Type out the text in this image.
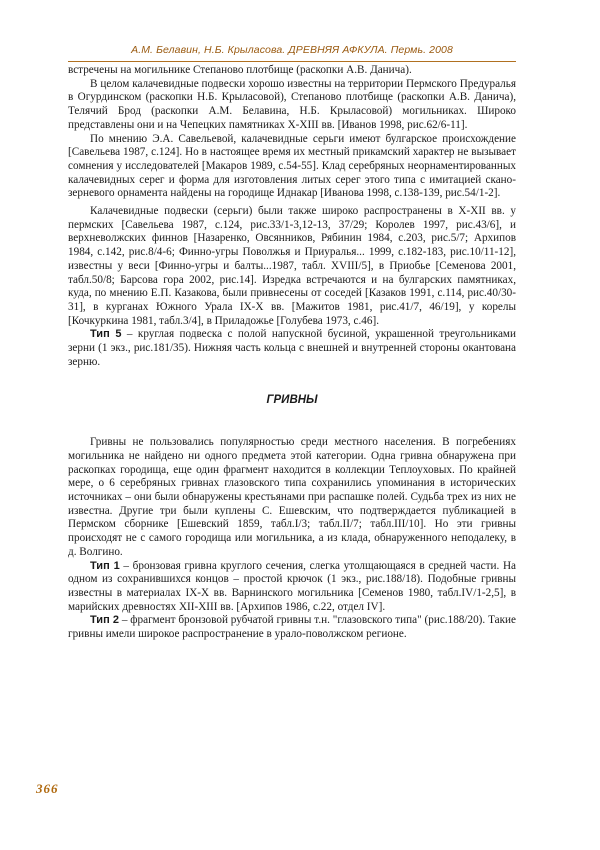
А.М. Белавин, Н.Б. Крыласова. ДРЕВНЯЯ АФКУЛА. Пермь. 2008

встречены на могильнике Степаново плотбище (раскопки А.В. Данича).

В целом калачевидные подвески хорошо известны на территории Пермского Предуралья в Огурдинском (раскопки Н.Б. Крыласовой), Степаново плотбище (раскопки А.В. Данича), Телячий Брод (раскопки А.М. Белавина, Н.Б. Крыласовой) могильниках. Широко представлены они и на Чепецких памятниках X-XIII вв. [Иванов 1998, рис.62/6-11].

По мнению Э.А. Савельевой, калачевидные серьги имеют булгарское происхождение [Савельева 1987, с.124]. Но в настоящее время их местный прикамский характер не вызывает сомнения у исследователей [Макаров 1989, с.54-55]. Клад серебряных неорнаментированных калачевидных серег и форма для изготовления литых серег этого типа с имитацией скано-зерневого орнамента найдены на городище Иднакар [Иванова 1998, с.138-139, рис.54/1-2].

Калачевидные подвески (серьги) были также широко распространены в X-XII вв. у пермских [Савельева 1987, с.124, рис.33/1-3,12-13, 37/29; Королев 1997, рис.43/6], и верхневолжских финнов [Назаренко, Овсянников, Рябинин 1984, с.203, рис.5/7; Архипов 1984, с.142, рис.8/4-6; Финно-угры Поволжья и Приуралья... 1999, с.182-183, рис.10/11-12], известны у веси [Финно-угры и балты...1987, табл. XVIII/5], в Приобье [Семенова 2001, табл.50/8; Барсова гора 2002, рис.14]. Изредка встречаются и на булгарских памятниках, куда, по мнению Е.П. Казакова, были привнесены от соседей [Казаков 1991, с.114, рис.40/30-31], в курганах Южного Урала IX-X вв. [Мажитов 1981, рис.41/7, 46/19], у корелы [Кочкуркина 1981, табл.3/4], в Приладожье [Голубева 1973, с.46].

Тип 5 – круглая подвеска с полой напускной бусиной, украшенной треугольниками зерни (1 экз., рис.181/35). Нижняя часть кольца с внешней и внутренней стороны окантована зерню.

ГРИВНЫ

Гривны не пользовались популярностью среди местного населения. В погребениях могильника не найдено ни одного предмета этой категории. Одна гривна обнаружена при раскопках городища, еще один фрагмент находится в коллекции Теплоуховых. По крайней мере, о 6 серебряных гривнах глазовского типа сохранились упоминания в исторических источниках – они были обнаружены крестьянами при распашке полей. Судьба трех из них не известна. Другие три были куплены С. Ешевским, что подтверждается публикацией в Пермском сборнике [Ешевский 1859, табл.I/3; табл.II/7; табл.III/10]. Но эти гривны происходят не с самого городища или могильника, а из клада, обнаруженного неподалеку, в д. Волгино.

Тип 1 – бронзовая гривна круглого сечения, слегка утолщающаяся в средней части. На одном из сохранившихся концов – простой крючок (1 экз., рис.188/18). Подобные гривны известны в материалах IX-X вв. Варнинского могильника [Семенов 1980, табл.IV/1-2,5], в марийских древностях XII-XIII вв. [Архипов 1986, с.22, отдел IV].

Тип 2 – фрагмент бронзовой рубчатой гривны т.н. "глазовского типа" (рис.188/20). Такие гривны имели широкое распространение в урало-поволжском регионе.

366
